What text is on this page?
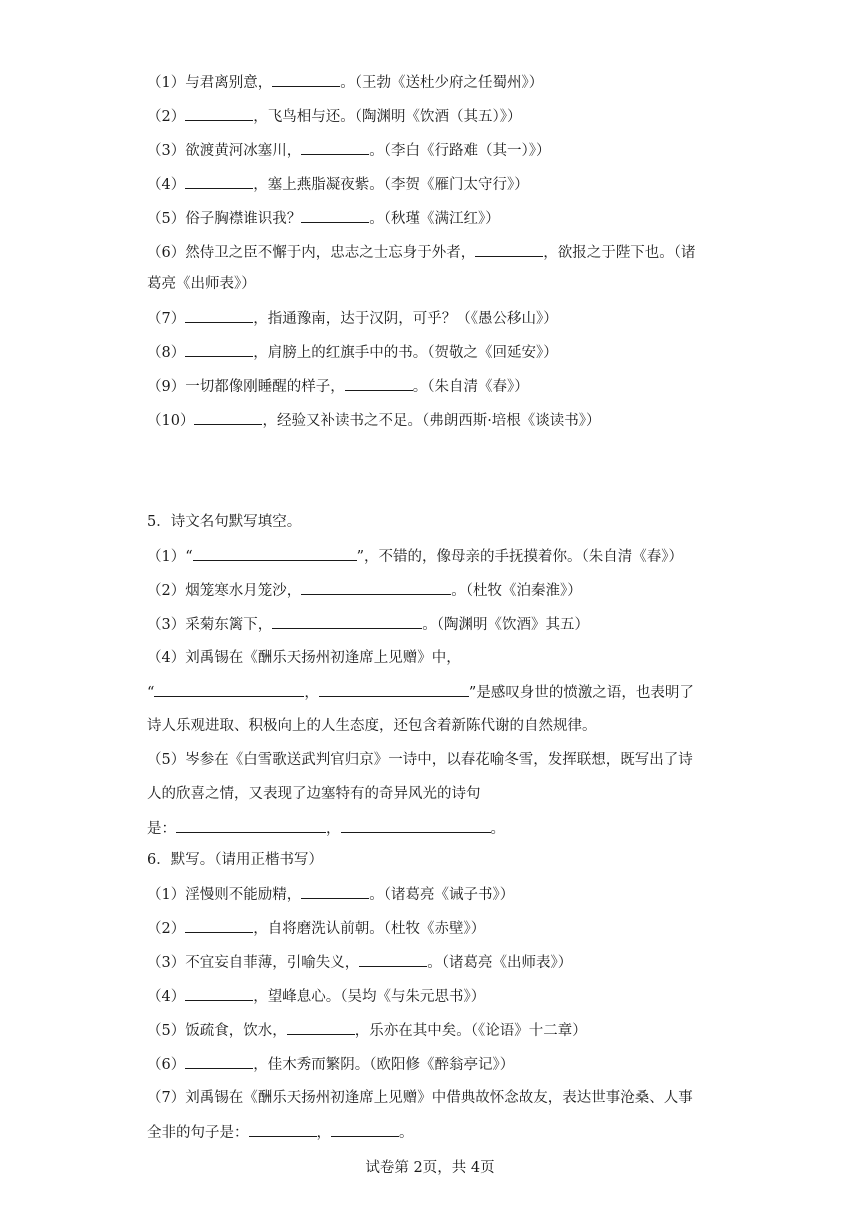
（1）与君离别意，	。（王勃《送杜少府之任蜀州》）
（2）	，飞鸟相与还。（陶渊明《饮酒（其五）》）
（3）欲渡黄河冰塞川，	。（李白《行路难（其一）》）
（4）	，塞上燕脂凝夜紫。（李贺《雁门太守行》）
（5）俗子胸襟谁识我？	。（秋瑾《满江红》）
（6）然侍卫之臣不懈于内，忠志之士忘身于外者，	，欲报之于陛下也。（诸
葛亮《出师表》）
（7）	，指通豫南，达于汉阴，可乎？（《愚公移山》）
（8）	，肩膀上的红旗手中的书。（贺敬之《回延安》）
（9）一切都像刚睡醒的样子，	。（朱自清《春》）
（10）	，经验又补读书之不足。（弗朗西斯·培根《谈读书》）
5．诗文名句默写填空。
（1）“	”，不错的，像母亲的手抚摸着你。（朱自清《春》）
（2）烟笼寒水月笼沙，	。（杜牧《泊秦淮》）
（3）采菊东篱下，	。（陶渊明《饮酒》其五）
（4）刘禹锡在《酬乐天扬州初逢席上见赠》中，
“	，	”是感叹身世的愤激之语，也表明了
诗人乐观进取、积极向上的人生态度，还包含着新陈代谢的自然规律。
（5）岑参在《白雪歌送武判官归京》一诗中，以春花喻冬雪，发挥联想，既写出了诗
人的欣喜之情，又表现了边塞特有的奇异风光的诗句
是：	，	。
6．默写。（请用正楷书写）
（1）淫慢则不能励精，	。（诸葛亮《诫子书》）
（2）	，自将磨洗认前朝。（杜牧《赤壁》）
（3）不宜妄自菲薄，引喻失义，	。（诸葛亮《出师表》）
（4）	，望峰息心。（吴均《与朱元思书》）
（5）饭疏食，饮水，	，乐亦在其中矣。（《论语》十二章）
（6）	，佳木秀而繁阴。（欧阳修《醉翁亭记》）
（7）刘禹锡在《酬乐天扬州初逢席上见赠》中借典故怀念故友，表达世事沧桑、人事
全非的句子是：	，	。
试卷第 2页，共 4页
